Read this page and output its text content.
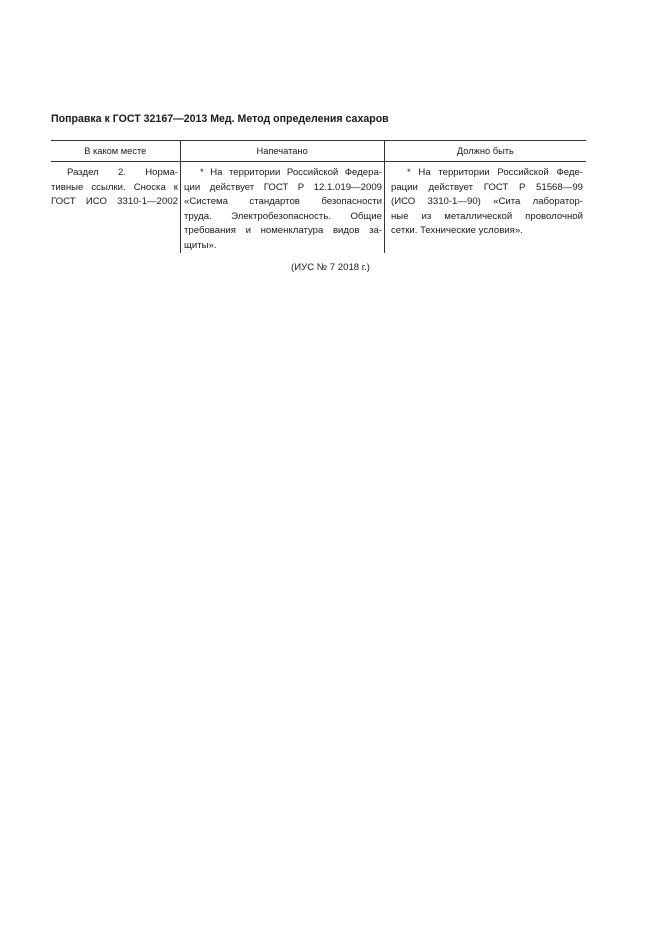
Поправка к ГОСТ 32167—2013 Мед. Метод определения сахаров
В каком месте	Напечатано	Должно быть
Раздел 2. Норма-
тивные ссылки. Сноска к
ГОСТ ИСО 3310-1—2002
* На территории Российской Федера-
ции действует ГОСТ Р 12.1.019—2009
«Система стандартов безопасности
труда. Электробезопасность. Общие
требования и номенклатура видов за-
щиты».
* На территории Российской Феде-
рации действует ГОСТ Р 51568—99
(ИСО 3310-1—90) «Сита лаборатор-
ные из металлической проволочной
сетки. Технические условия».
(ИУС № 7 2018 г.)
